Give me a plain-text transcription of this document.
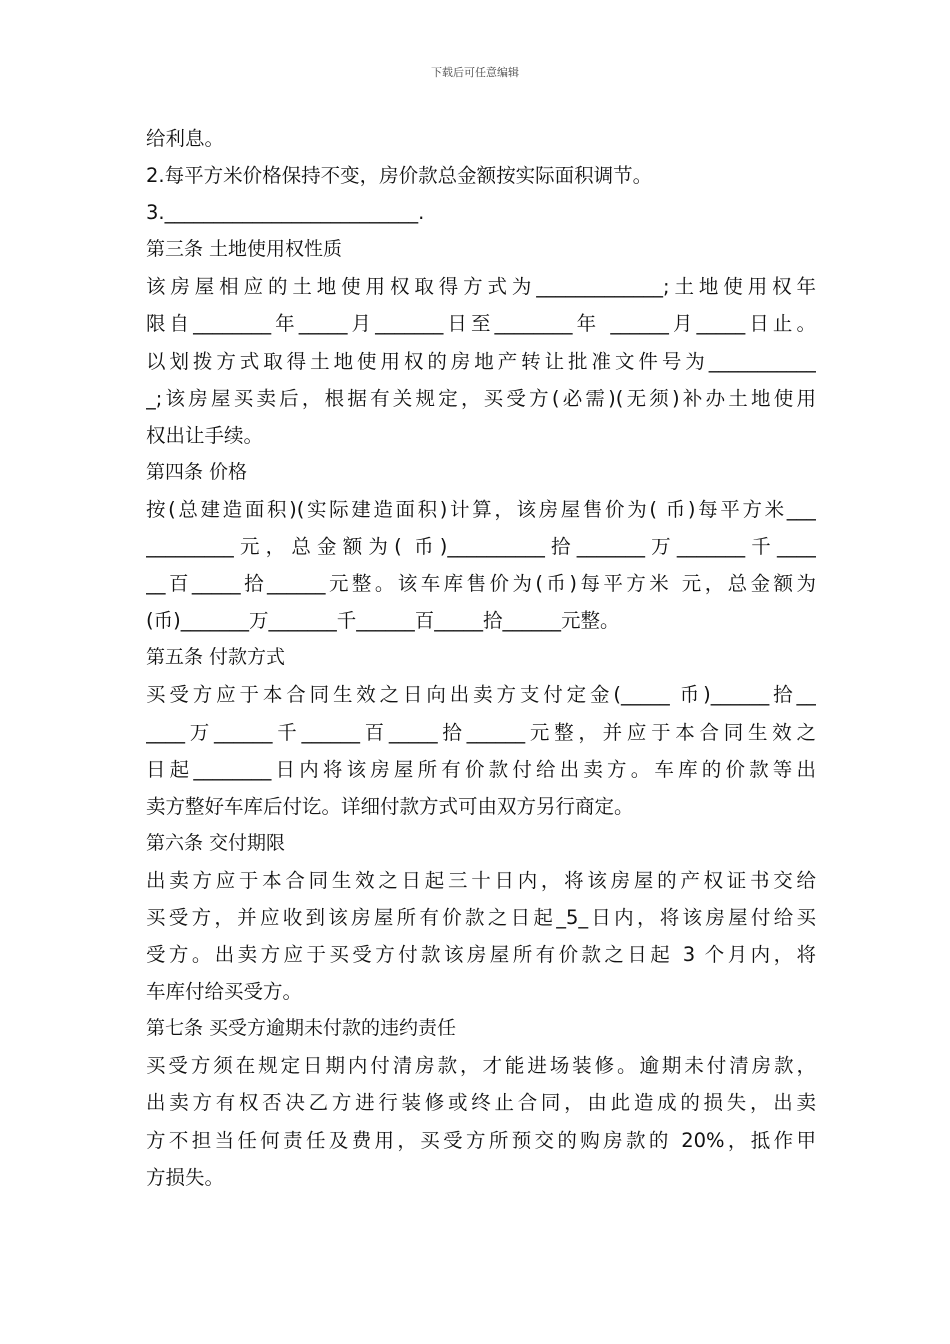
下载后可任意编辑
给利息。
2.每平方米价格保持不变，房价款总金额按实际面积调节。
3.__________________________.
第三条 土地使用权性质
该房屋相应的土地使用权取得方式为_____________;土地使用权年
限自________年_____月_______日至________年 ______月_____日止。
以划拨方式取得土地使用权的房地产转让批准文件号为___________
_;该房屋买卖后，根据有关规定，买受方(必需)(无须)补办土地使用
权出让手续。
第四条 价格
按(总建造面积)(实际建造面积)计算，该房屋售价为( 币)每平方米___
_________元，总金额为( 币)__________拾_______万_______千____
__百_____拾______元整。该车库售价为(币)每平方米 元，总金额为
(币)_______万_______千______百_____拾______元整。
第五条 付款方式
买受方应于本合同生效之日向出卖方支付定金(_____ 币)______拾__
____万______千______百_____拾______元整，并应于本合同生效之
日起________日内将该房屋所有价款付给出卖方。车库的价款等出
卖方整好车库后付讫。详细付款方式可由双方另行商定。
第六条 交付期限
出卖方应于本合同生效之日起三十日内，将该房屋的产权证书交给
买受方，并应收到该房屋所有价款之日起_5_日内，将该房屋付给买
受方。出卖方应于买受方付款该房屋所有价款之日起 3 个月内，将
车库付给买受方。
第七条 买受方逾期未付款的违约责任
买受方须在规定日期内付清房款，才能进场装修。逾期未付清房款，
出卖方有权否决乙方进行装修或终止合同，由此造成的损失，出卖
方不担当任何责任及费用，买受方所预交的购房款的 20%，抵作甲
方损失。
